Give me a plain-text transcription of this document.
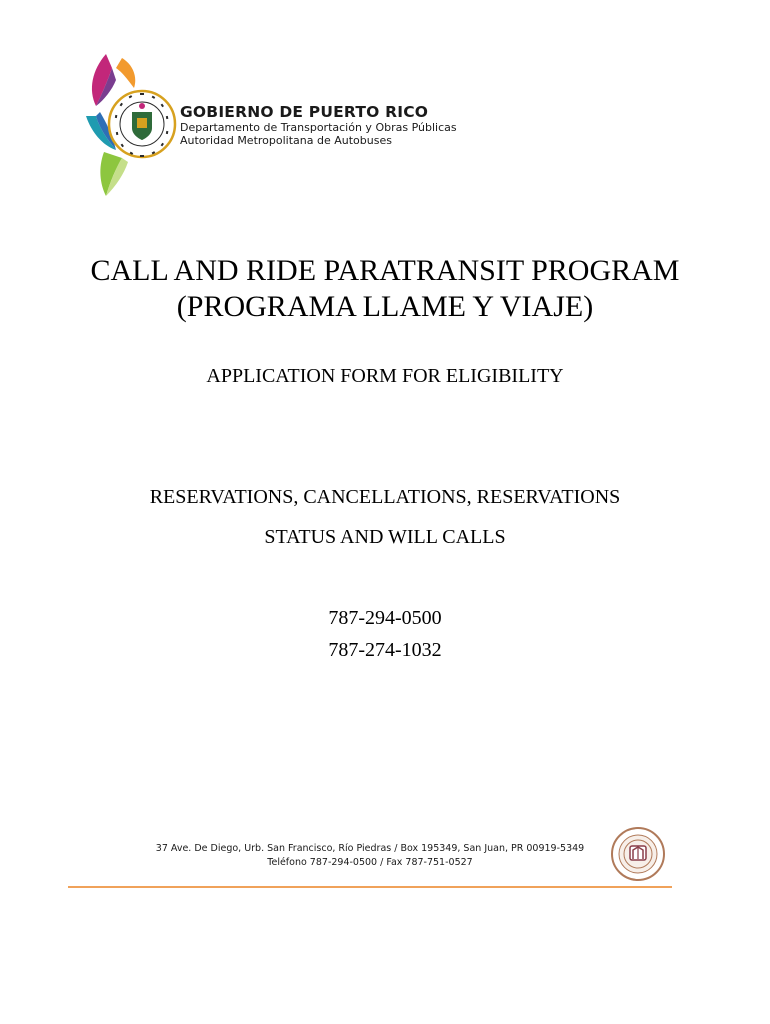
GOBIERNO DE PUERTO RICO
Departamento de Transportación y Obras Públicas
Autoridad Metropolitana de Autobuses
CALL AND RIDE PARATRANSIT PROGRAM
(PROGRAMA LLAME Y VIAJE)
APPLICATION FORM FOR ELIGIBILITY
RESERVATIONS, CANCELLATIONS, RESERVATIONS
STATUS AND WILL CALLS
787-294-0500
787-274-1032
37 Ave. De Diego, Urb. San Francisco, Río Piedras / Box 195349, San Juan, PR 00919-5349
Teléfono 787-294-0500 / Fax 787-751-0527
